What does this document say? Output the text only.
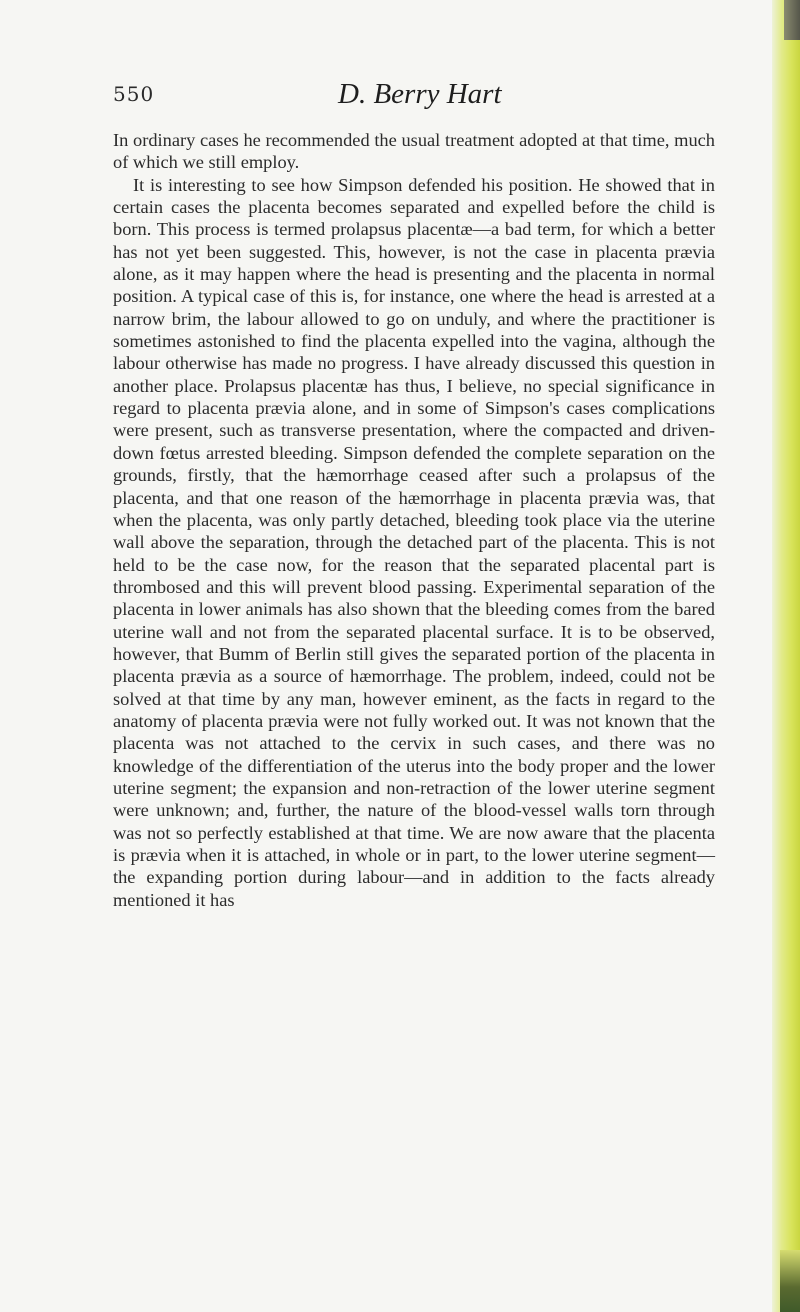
550	D. Berry Hart

In ordinary cases he recommended the usual treatment adopted at that time, much of which we still employ.

It is interesting to see how Simpson defended his position. He showed that in certain cases the placenta becomes separated and expelled before the child is born. This process is termed prolapsus placentæ—a bad term, for which a better has not yet been suggested. This, however, is not the case in placenta prævia alone, as it may happen where the head is presenting and the placenta in normal position. A typical case of this is, for instance, one where the head is arrested at a narrow brim, the labour allowed to go on unduly, and where the practitioner is sometimes astonished to find the placenta expelled into the vagina, although the labour otherwise has made no progress. I have already discussed this question in another place. Prolapsus placentæ has thus, I believe, no special significance in regard to placenta prævia alone, and in some of Simpson's cases complications were present, such as transverse presentation, where the compacted and driven-down fœtus arrested bleeding. Simpson defended the complete separation on the grounds, firstly, that the hæmorrhage ceased after such a prolapsus of the placenta, and that one reason of the hæmorrhage in placenta prævia was, that when the placenta, was only partly detached, bleeding took place via the uterine wall above the separation, through the detached part of the placenta. This is not held to be the case now, for the reason that the separated placental part is thrombosed and this will prevent blood passing. Experimental separation of the placenta in lower animals has also shown that the bleeding comes from the bared uterine wall and not from the separated placental surface. It is to be observed, however, that Bumm of Berlin still gives the separated portion of the placenta in placenta prævia as a source of hæmorrhage. The problem, indeed, could not be solved at that time by any man, however eminent, as the facts in regard to the anatomy of placenta prævia were not fully worked out. It was not known that the placenta was not attached to the cervix in such cases, and there was no knowledge of the differentiation of the uterus into the body proper and the lower uterine segment; the expansion and non-retraction of the lower uterine segment were unknown; and, further, the nature of the blood-vessel walls torn through was not so perfectly established at that time. We are now aware that the placenta is prævia when it is attached, in whole or in part, to the lower uterine segment—the expanding portion during labour—and in addition to the facts already mentioned it has
